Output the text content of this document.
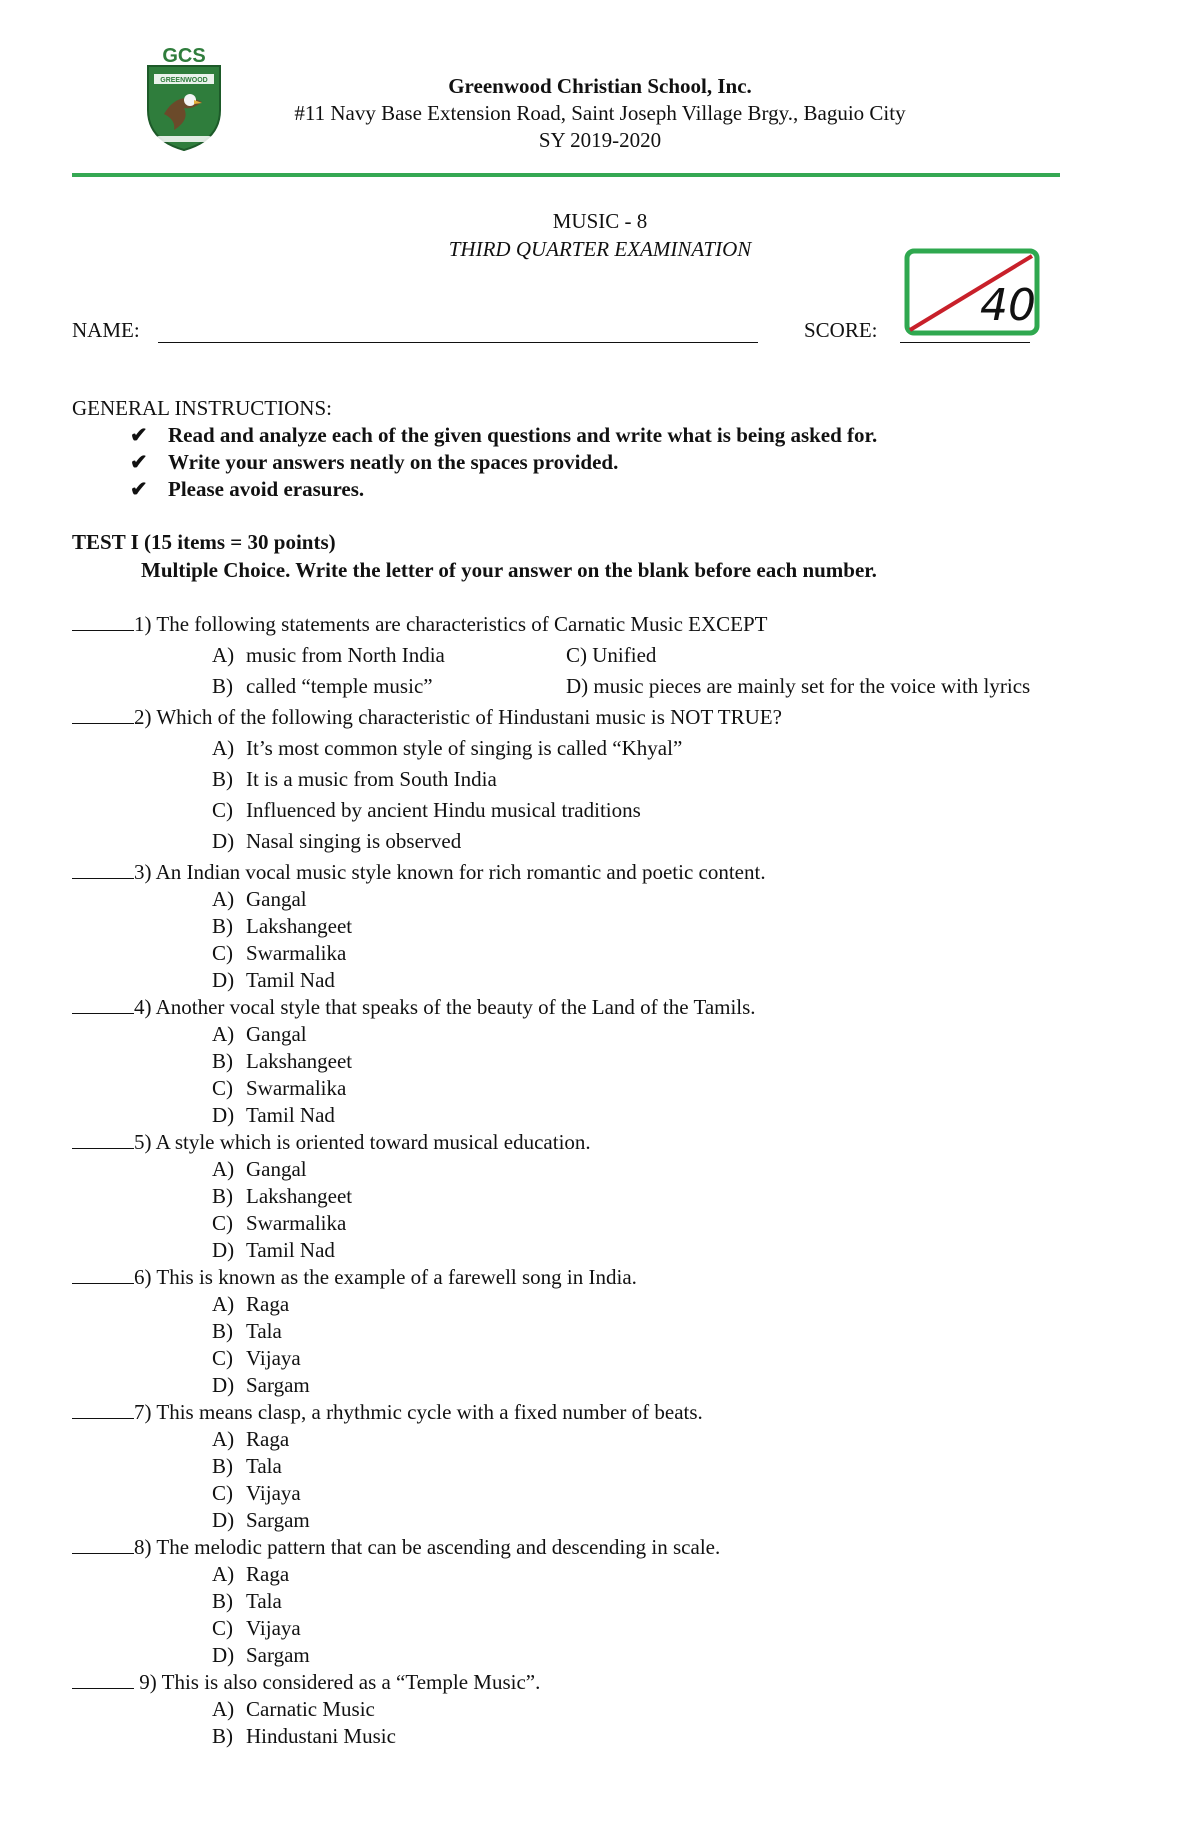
GREENWOOD
GCS
Greenwood Christian School, Inc.
#11 Navy Base Extension Road, Saint Joseph Village Brgy., Baguio City
SY 2019-2020
MUSIC - 8
THIRD QUARTER EXAMINATION
NAME:	SCORE: 40
GENERAL INSTRUCTIONS:
✔ Read and analyze each of the given questions and write what is being asked for.
✔ Write your answers neatly on the spaces provided.
✔ Please avoid erasures.
TEST I (15 items = 30 points)
Multiple Choice. Write the letter of your answer on the blank before each number.
1) The following statements are characteristics of Carnatic Music EXCEPT
A) music from North India	C) Unified
B) called “temple music”	D) music pieces are mainly set for the voice with lyrics
2) Which of the following characteristic of Hindustani music is NOT TRUE?
A) It’s most common style of singing is called “Khyal”
B) It is a music from South India
C) Influenced by ancient Hindu musical traditions
D) Nasal singing is observed
3) An Indian vocal music style known for rich romantic and poetic content.
A) Gangal
B) Lakshangeet
C) Swarmalika
D) Tamil Nad
4) Another vocal style that speaks of the beauty of the Land of the Tamils.
A) Gangal
B) Lakshangeet
C) Swarmalika
D) Tamil Nad
5) A style which is oriented toward musical education.
A) Gangal
B) Lakshangeet
C) Swarmalika
D) Tamil Nad
6) This is known as the example of a farewell song in India.
A) Raga
B) Tala
C) Vijaya
D) Sargam
7) This means clasp, a rhythmic cycle with a fixed number of beats.
A) Raga
B) Tala
C) Vijaya
D) Sargam
8) The melodic pattern that can be ascending and descending in scale.
A) Raga
B) Tala
C) Vijaya
D) Sargam
9) This is also considered as a “Temple Music”.
A) Carnatic Music
B) Hindustani Music
